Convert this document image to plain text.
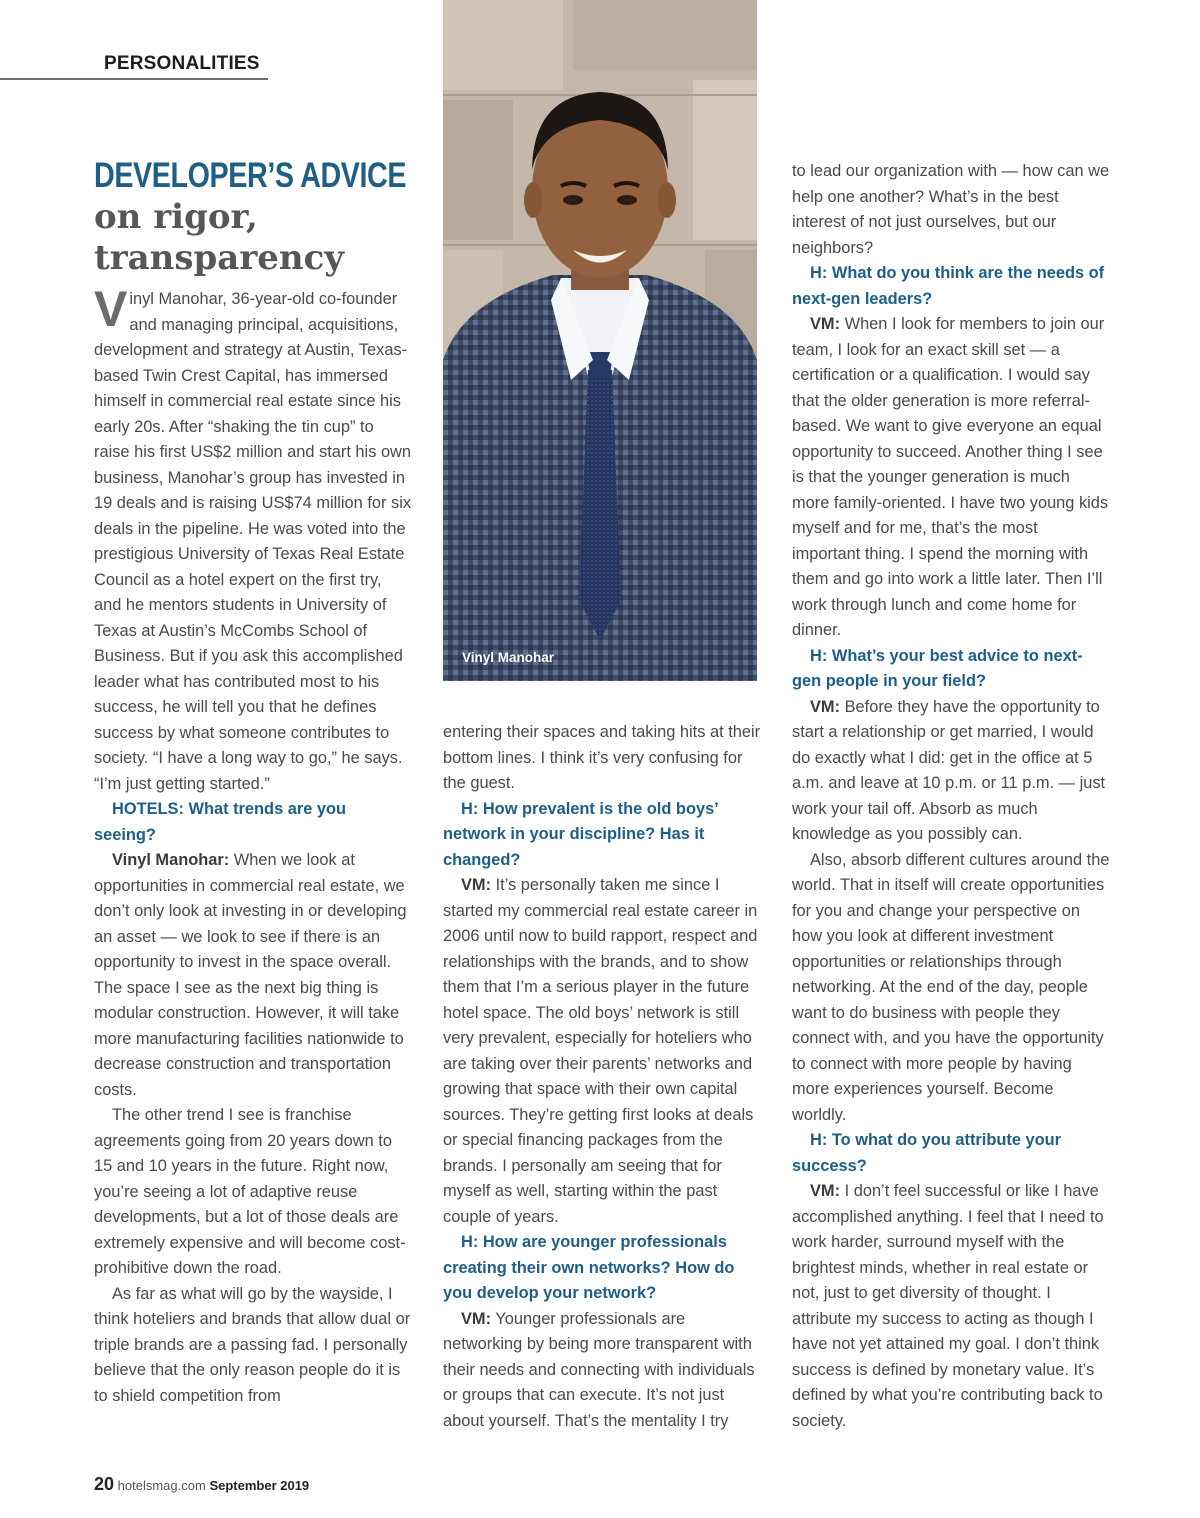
PERSONALITIES
DEVELOPER’S ADVICE
on rigor,
transparency
Vinyl Manohar

Vinyl Manohar, 36-year-old co-founder and managing principal, acquisitions, development and strategy at Austin, Texas-based Twin Crest Capital, has immersed himself in commercial real estate since his early 20s. After “shaking the tin cup” to raise his first US$2 million and start his own business, Manohar’s group has invested in 19 deals and is raising US$74 million for six deals in the pipeline. He was voted into the prestigious University of Texas Real Estate Council as a hotel expert on the first try, and he mentors students in University of Texas at Austin’s McCombs School of Business. But if you ask this accomplished leader what has contributed most to his success, he will tell you that he defines success by what someone contributes to society. “I have a long way to go,” he says. “I’m just getting started.”

HOTELS: What trends are you seeing?

Vinyl Manohar: When we look at opportunities in commercial real estate, we don’t only look at investing in or developing an asset — we look to see if there is an opportunity to invest in the space overall. The space I see as the next big thing is modular construction. However, it will take more manufacturing facilities nationwide to decrease construction and transportation costs.

The other trend I see is franchise agreements going from 20 years down to 15 and 10 years in the future. Right now, you’re seeing a lot of adaptive reuse developments, but a lot of those deals are extremely expensive and will become cost-prohibitive down the road.

As far as what will go by the wayside, I think hoteliers and brands that allow dual or triple brands are a passing fad. I personally believe that the only reason people do it is to shield competition from

entering their spaces and taking hits at their bottom lines. I think it’s very confusing for the guest.

H: How prevalent is the old boys’ network in your discipline? Has it changed?

VM: It’s personally taken me since I started my commercial real estate career in 2006 until now to build rapport, respect and relationships with the brands, and to show them that I’m a serious player in the future hotel space. The old boys’ network is still very prevalent, especially for hoteliers who are taking over their parents’ networks and growing that space with their own capital sources. They’re getting first looks at deals or special financing packages from the brands. I personally am seeing that for myself as well, starting within the past couple of years.

H: How are younger professionals creating their own networks? How do you develop your network?

VM: Younger professionals are networking by being more transparent with their needs and connecting with individuals or groups that can execute. It’s not just about yourself. That’s the mentality I try

to lead our organization with — how can we help one another? What’s in the best interest of not just ourselves, but our neighbors?

H: What do you think are the needs of next-gen leaders?

VM: When I look for members to join our team, I look for an exact skill set — a certification or a qualification. I would say that the older generation is more referral-based. We want to give everyone an equal opportunity to succeed. Another thing I see is that the younger generation is much more family-oriented. I have two young kids myself and for me, that’s the most important thing. I spend the morning with them and go into work a little later. Then I’ll work through lunch and come home for dinner.

H: What’s your best advice to next-gen people in your field?

VM: Before they have the opportunity to start a relationship or get married, I would do exactly what I did: get in the office at 5 a.m. and leave at 10 p.m. or 11 p.m. — just work your tail off. Absorb as much knowledge as you possibly can.

Also, absorb different cultures around the world. That in itself will create opportunities for you and change your perspective on how you look at different investment opportunities or relationships through networking. At the end of the day, people want to do business with people they connect with, and you have the opportunity to connect with more people by having more experiences yourself. Become worldly.

H: To what do you attribute your success?

VM: I don’t feel successful or like I have accomplished anything. I feel that I need to work harder, surround myself with the brightest minds, whether in real estate or not, just to get diversity of thought. I attribute my success to acting as though I have not yet attained my goal. I don’t think success is defined by monetary value. It’s defined by what you’re contributing back to society.

20 hotelsmag.com September 2019
